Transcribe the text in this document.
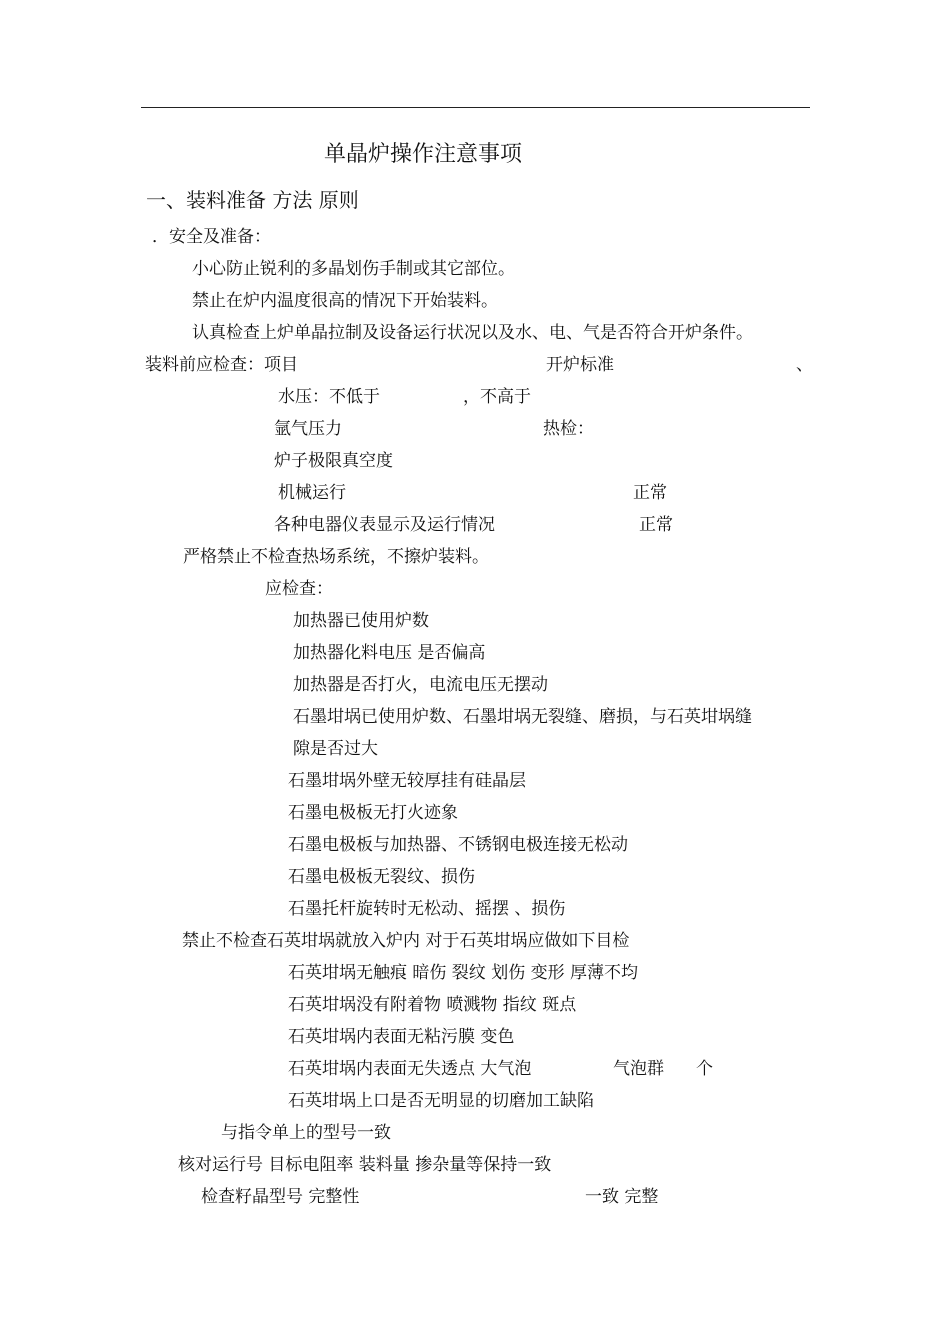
单晶炉操作注意事项
一、装料准备 方法 原则
．安全及准备：
小心防止锐利的多晶划伤手制或其它部位。
禁止在炉内温度很高的情况下开始装料。
认真检查上炉单晶拉制及设备运行状况以及水、电、气是否符合开炉条件。
装料前应检查：项目	开炉标准	、
水压：不低于	，不高于
氩气压力	热检：
炉子极限真空度
机械运行	正常
各种电器仪表显示及运行情况	正常
严格禁止不检查热场系统，不擦炉装料。
应检查：
加热器已使用炉数
加热器化料电压 是否偏高
加热器是否打火，电流电压无摆动
石墨坩埚已使用炉数、石墨坩埚无裂缝、磨损，与石英坩埚缝
隙是否过大
石墨坩埚外壁无较厚挂有硅晶层
石墨电极板无打火迹象
石墨电极板与加热器、不锈钢电极连接无松动
石墨电极板无裂纹、损伤
石墨托杆旋转时无松动、摇摆 、损伤
禁止不检查石英坩埚就放入炉内 对于石英坩埚应做如下目检
石英坩埚无触痕 暗伤 裂纹 划伤 变形 厚薄不均
石英坩埚没有附着物 喷溅物 指纹 斑点
石英坩埚内表面无粘污膜 变色
石英坩埚内表面无失透点 大气泡	气泡群 个
石英坩埚上口是否无明显的切磨加工缺陷
与指令单上的型号一致
核对运行号 目标电阻率 装料量 掺杂量等保持一致
检查籽晶型号 完整性	一致 完整
